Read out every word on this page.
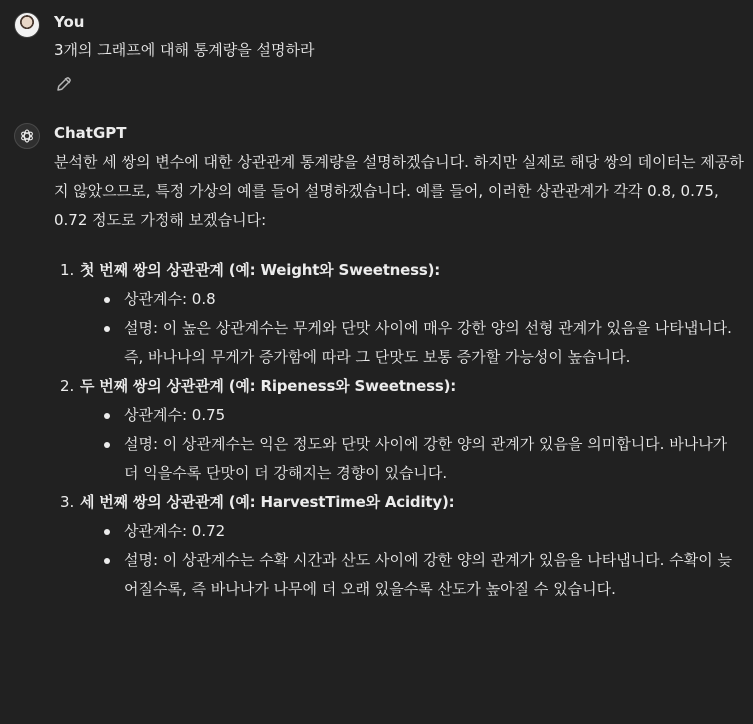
You
3개의 그래프에 대해 통계량을 설명하라
ChatGPT

분석한 세 쌍의 변수에 대한 상관관계 통계량을 설명하겠습니다. 하지만 실제로 해당 쌍의 데이터는 제공하지 않았으므로, 특정 가상의 예를 들어 설명하겠습니다. 예를 들어, 이러한 상관관계가 각각 0.8, 0.75, 0.72 정도로 가정해 보겠습니다:

1. 첫 번째 쌍의 상관관계 (예: Weight와 Sweetness):
상관계수: 0.8
설명: 이 높은 상관계수는 무게와 단맛 사이에 매우 강한 양의 선형 관계가 있음을 나타냅니다. 즉, 바나나의 무게가 증가함에 따라 그 단맛도 보통 증가할 가능성이 높습니다.
2. 두 번째 쌍의 상관관계 (예: Ripeness와 Sweetness):
상관계수: 0.75
설명: 이 상관계수는 익은 정도와 단맛 사이에 강한 양의 관계가 있음을 의미합니다. 바나나가 더 익을수록 단맛이 더 강해지는 경향이 있습니다.
3. 세 번째 쌍의 상관관계 (예: HarvestTime와 Acidity):
상관계수: 0.72
설명: 이 상관계수는 수확 시간과 산도 사이에 강한 양의 관계가 있음을 나타냅니다. 수확이 늦어질수록, 즉 바나나가 나무에 더 오래 있을수록 산도가 높아질 수 있습니다.
